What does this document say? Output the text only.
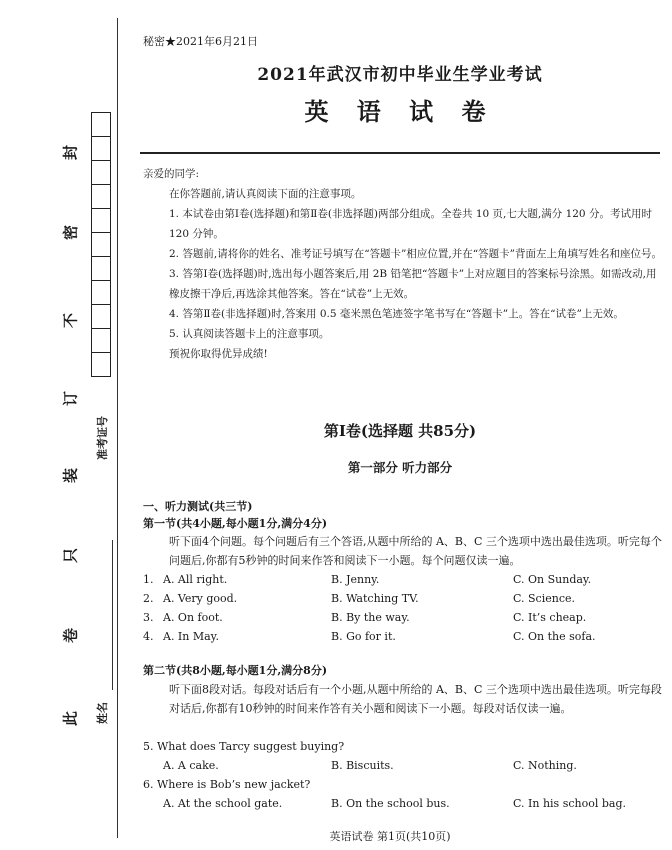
封
密
不
订
装
只
卷
此
准考证号
姓名
秘密★2021年6月21日
2021年武汉市初中毕业生学业考试
英 语 试 卷
亲爱的同学:
在你答题前,请认真阅读下面的注意事项。
1. 本试卷由第Ⅰ卷(选择题)和第Ⅱ卷(非选择题)两部分组成。全卷共 10 页,七大题,满分 120 分。考试用时 120 分钟。
2. 答题前,请将你的姓名、准考证号填写在“答题卡”相应位置,并在“答题卡”背面左上角填写姓名和座位号。
3. 答第Ⅰ卷(选择题)时,选出每小题答案后,用 2B 铅笔把“答题卡”上对应题目的答案标号涂黑。如需改动,用橡皮擦干净后,再选涂其他答案。答在“试卷”上无效。
4. 答第Ⅱ卷(非选择题)时,答案用 0.5 毫米黑色笔迹签字笔书写在“答题卡”上。答在“试卷”上无效。
5. 认真阅读答题卡上的注意事项。
预祝你取得优异成绩!
第Ⅰ卷(选择题 共85分)
第一部分 听力部分
一、听力测试(共三节)
第一节(共4小题,每小题1分,满分4分)
听下面4个问题。每个问题后有三个答语,从题中所给的 A、B、C 三个选项中选出最佳选项。听完每个问题后,你都有5秒钟的时间来作答和阅读下一小题。每个问题仅读一遍。
1. A. All right.	B. Jenny.	C. On Sunday.
2. A. Very good.	B. Watching TV.	C. Science.
3. A. On foot.	B. By the way.	C. It’s cheap.
4. A. In May.	B. Go for it.	C. On the sofa.
第二节(共8小题,每小题1分,满分8分)
听下面8段对话。每段对话后有一个小题,从题中所给的 A、B、C 三个选项中选出最佳选项。听完每段对话后,你都有10秒钟的时间来作答有关小题和阅读下一小题。每段对话仅读一遍。
5. What does Tarcy suggest buying?
A. A cake.	B. Biscuits.	C. Nothing.
6. Where is Bob’s new jacket?
A. At the school gate.	B. On the school bus.	C. In his school bag.
英语试卷 第1页(共10页)
